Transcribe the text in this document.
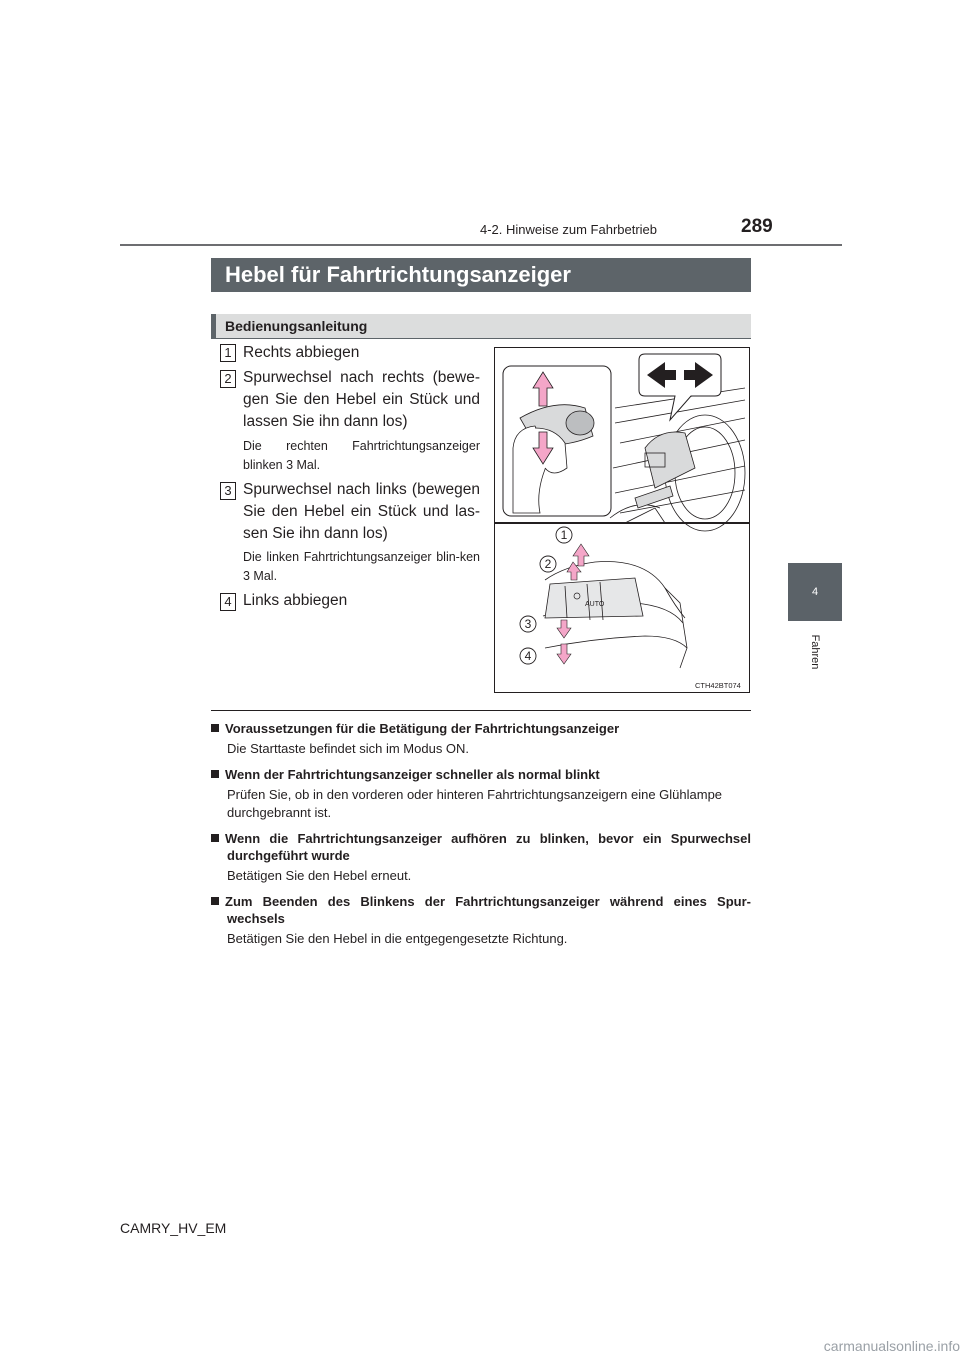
4-2. Hinweise zum Fahrbetrieb	289
4
Fahren
Hebel für Fahrtrichtungsanzeiger
Bedienungsanleitung
1 Rechts abbiegen
2 Spurwechsel nach rechts (bewe-gen Sie den Hebel ein Stück und lassen Sie ihn dann los)
Die rechten Fahrtrichtungsanzeiger blinken 3 Mal.
3 Spurwechsel nach links (bewegen Sie den Hebel ein Stück und las-sen Sie ihn dann los)
Die linken Fahrtrichtungsanzeiger blin-ken 3 Mal.
4 Links abbiegen	AUTO
1
2
3
4
CTH42BT074
Voraussetzungen für die Betätigung der Fahrtrichtungsanzeiger
Die Starttaste befindet sich im Modus ON.
Wenn der Fahrtrichtungsanzeiger schneller als normal blinkt
Prüfen Sie, ob in den vorderen oder hinteren Fahrtrichtungsanzeigern eine Glühlampe durchgebrannt ist.
Wenn die Fahrtrichtungsanzeiger aufhören zu blinken, bevor ein Spurwechsel durchgeführt wurde
Betätigen Sie den Hebel erneut.
Zum Beenden des Blinkens der Fahrtrichtungsanzeiger während eines Spur-wechsels
Betätigen Sie den Hebel in die entgegengesetzte Richtung.
CAMRY_HV_EM
carmanualsonline.info
